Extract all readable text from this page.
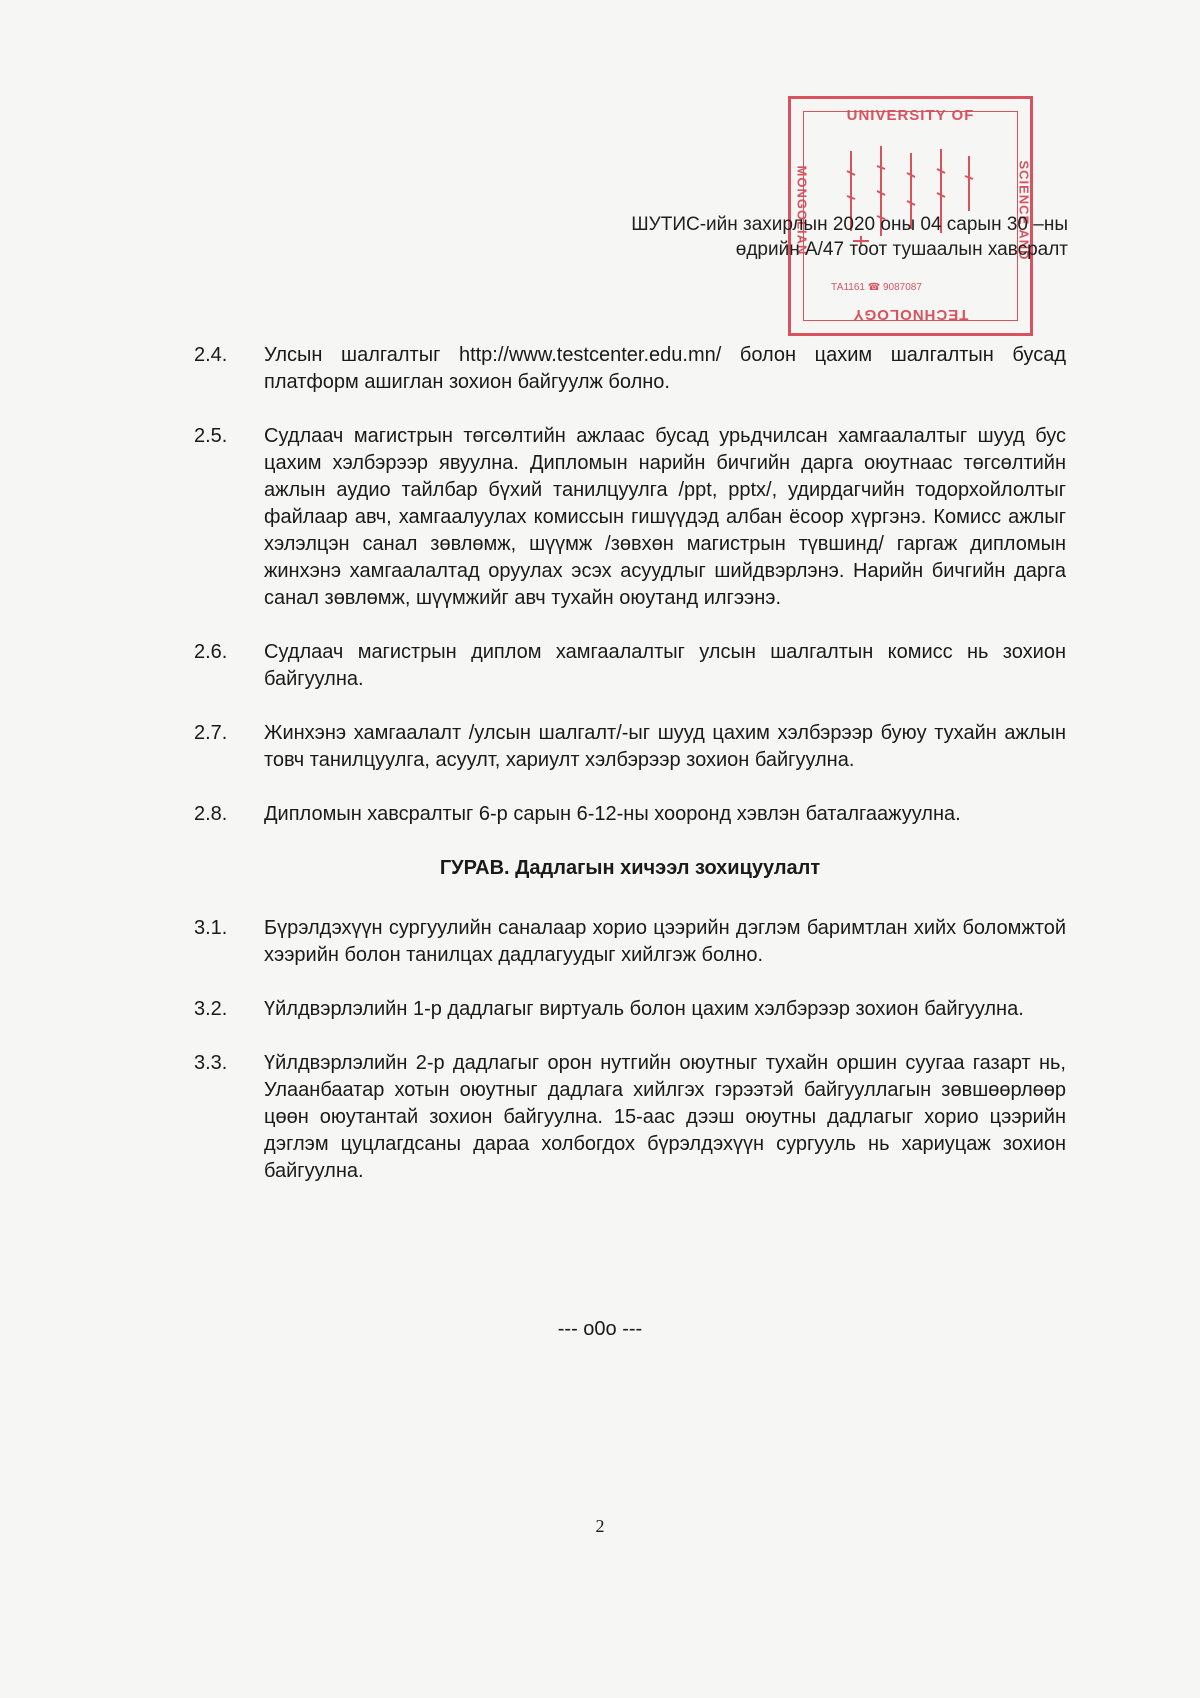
UNIVERSITY OF
MONGOLIAN	SCIENCE AND
ТА1161 ☎ 9087087
TECHNOLOGY
ШУТИС-ийн захирлын 2020 оны 04 сарын 30 –ны
өдрийн А/47 тоот тушаалын хавсралт
2.4.	Улсын шалгалтыг http://www.testcenter.edu.mn/ болон цахим шалгалтын бусад платформ ашиглан зохион байгуулж болно.
2.5.	Судлаач магистрын төгсөлтийн ажлаас бусад урьдчилсан хамгаалалтыг шууд бус цахим хэлбэрээр явуулна. Дипломын нарийн бичгийн дарга оюутнаас төгсөлтийн ажлын аудио тайлбар бүхий танилцуулга /ppt, pptx/, удирдагчийн тодорхойлолтыг файлаар авч, хамгаалуулах комиссын гишүүдэд албан ёсоор хүргэнэ. Комисс ажлыг хэлэлцэн санал зөвлөмж, шүүмж /зөвхөн магистрын түвшинд/ гаргаж дипломын жинхэнэ хамгаалалтад оруулах эсэх асуудлыг шийдвэрлэнэ. Нарийн бичгийн дарга санал зөвлөмж, шүүмжийг авч тухайн оюутанд илгээнэ.
2.6.	Судлаач магистрын диплом хамгаалалтыг улсын шалгалтын комисс нь зохион байгуулна.
2.7.	Жинхэнэ хамгаалалт /улсын шалгалт/-ыг шууд цахим хэлбэрээр буюу тухайн ажлын товч танилцуулга, асуулт, хариулт хэлбэрээр зохион байгуулна.
2.8.	Дипломын хавсралтыг 6-р сарын 6-12-ны хооронд хэвлэн баталгаажуулна.
ГУРАВ. Дадлагын хичээл зохицуулалт
3.1.	Бүрэлдэхүүн сургуулийн саналаар хорио цээрийн дэглэм баримтлан хийх боломжтой хээрийн болон танилцах дадлагуудыг хийлгэж болно.
3.2.	Үйлдвэрлэлийн 1-р дадлагыг виртуаль болон цахим хэлбэрээр зохион байгуулна.
3.3.	Үйлдвэрлэлийн 2-р дадлагыг орон нутгийн оюутныг тухайн оршин суугаа газарт нь, Улаанбаатар хотын оюутныг дадлага хийлгэх гэрээтэй байгууллагын зөвшөөрлөөр цөөн оюутантай зохион байгуулна. 15-аас дээш оюутны дадлагыг хорио цээрийн дэглэм цуцлагдсаны дараа холбогдох бүрэлдэхүүн сургууль нь хариуцаж зохион байгуулна.
--- o0o ---
2
